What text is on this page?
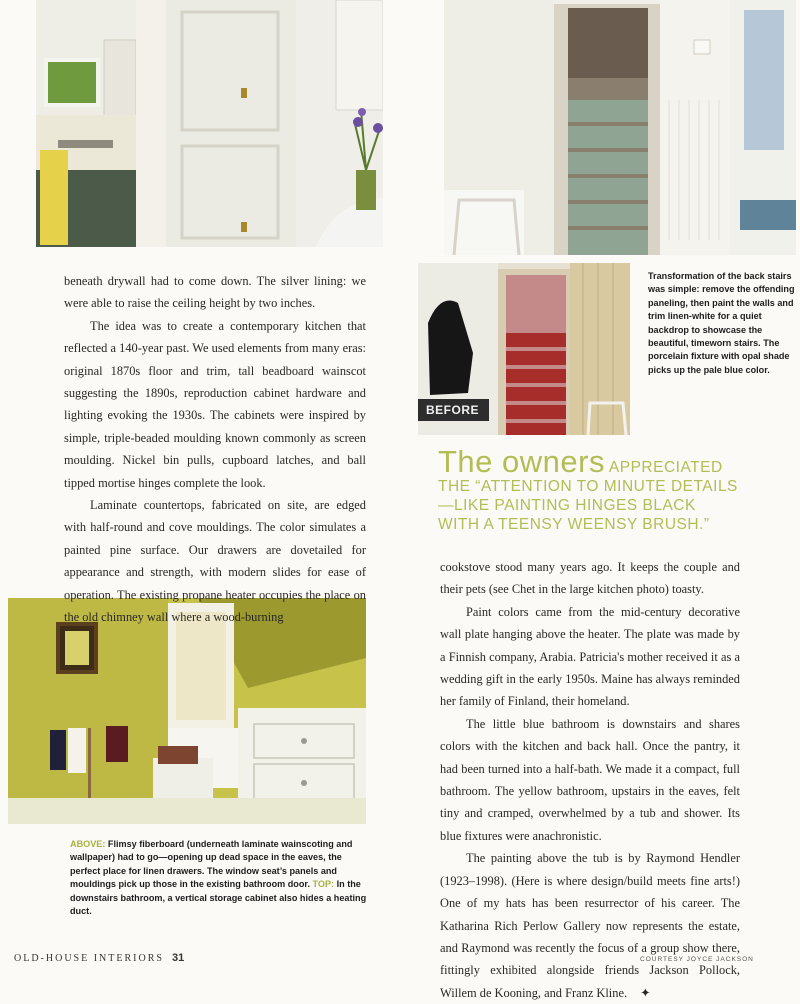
BEFORE

beneath drywall had to come down. The silver lining: we were able to raise the ceiling height by two inches.

The idea was to create a contemporary kitchen that reflected a 140-year past. We used elements from many eras: original 1870s floor and trim, tall beadboard wainscot suggesting the 1890s, reproduction cabinet hardware and lighting evoking the 1930s. The cabinets were inspired by simple, triple-beaded moulding known commonly as screen moulding. Nickel bin pulls, cupboard latches, and ball tipped mortise hinges complete the look.

Laminate countertops, fabricated on site, are edged with half-round and cove mouldings. The color simulates a painted pine surface. Our drawers are dovetailed for appearance and strength, with modern slides for ease of operation. The existing propane heater occupies the place on the old chimney wall where a wood-burning

Transformation of the back stairs was simple: remove the offending paneling, then paint the walls and trim linen-white for a quiet backdrop to showcase the beautiful, timeworn stairs. The porcelain fixture with opal shade picks up the pale blue color.
The owners APPRECIATED
THE “ATTENTION TO MINUTE DETAILS
—LIKE PAINTING HINGES BLACK
WITH A TEENSY WEENSY BRUSH.”

cookstove stood many years ago. It keeps the couple and their pets (see Chet in the large kitchen photo) toasty.

Paint colors came from the mid-century decorative wall plate hanging above the heater. The plate was made by a Finnish company, Arabia. Patricia's mother received it as a wedding gift in the early 1950s. Maine has always reminded her family of Finland, their homeland.

The little blue bathroom is downstairs and shares colors with the kitchen and back hall. Once the pantry, it had been turned into a half-bath. We made it a compact, full bathroom. The yellow bathroom, upstairs in the eaves, felt tiny and cramped, overwhelmed by a tub and shower. Its blue fixtures were anachronistic.

The painting above the tub is by Raymond Hendler (1923–1998). (Here is where design/build meets fine arts!) One of my hats has been resurrector of his career. The Katharina Rich Perlow Gallery now represents the estate, and Raymond was recently the focus of a group show there, fittingly exhibited alongside friends Jackson Pollock, Willem de Kooning, and Franz Kline. ✦

ABOVE: Flimsy fiberboard (underneath laminate wainscoting and wallpaper) had to go—opening up dead space in the eaves, the perfect place for linen drawers. The window seat’s panels and mouldings pick up those in the existing bathroom door. TOP: In the downstairs bathroom, a vertical storage cabinet also hides a heating duct.
OLD-HOUSE INTERIORS 31	COURTESY JOYCE JACKSON
